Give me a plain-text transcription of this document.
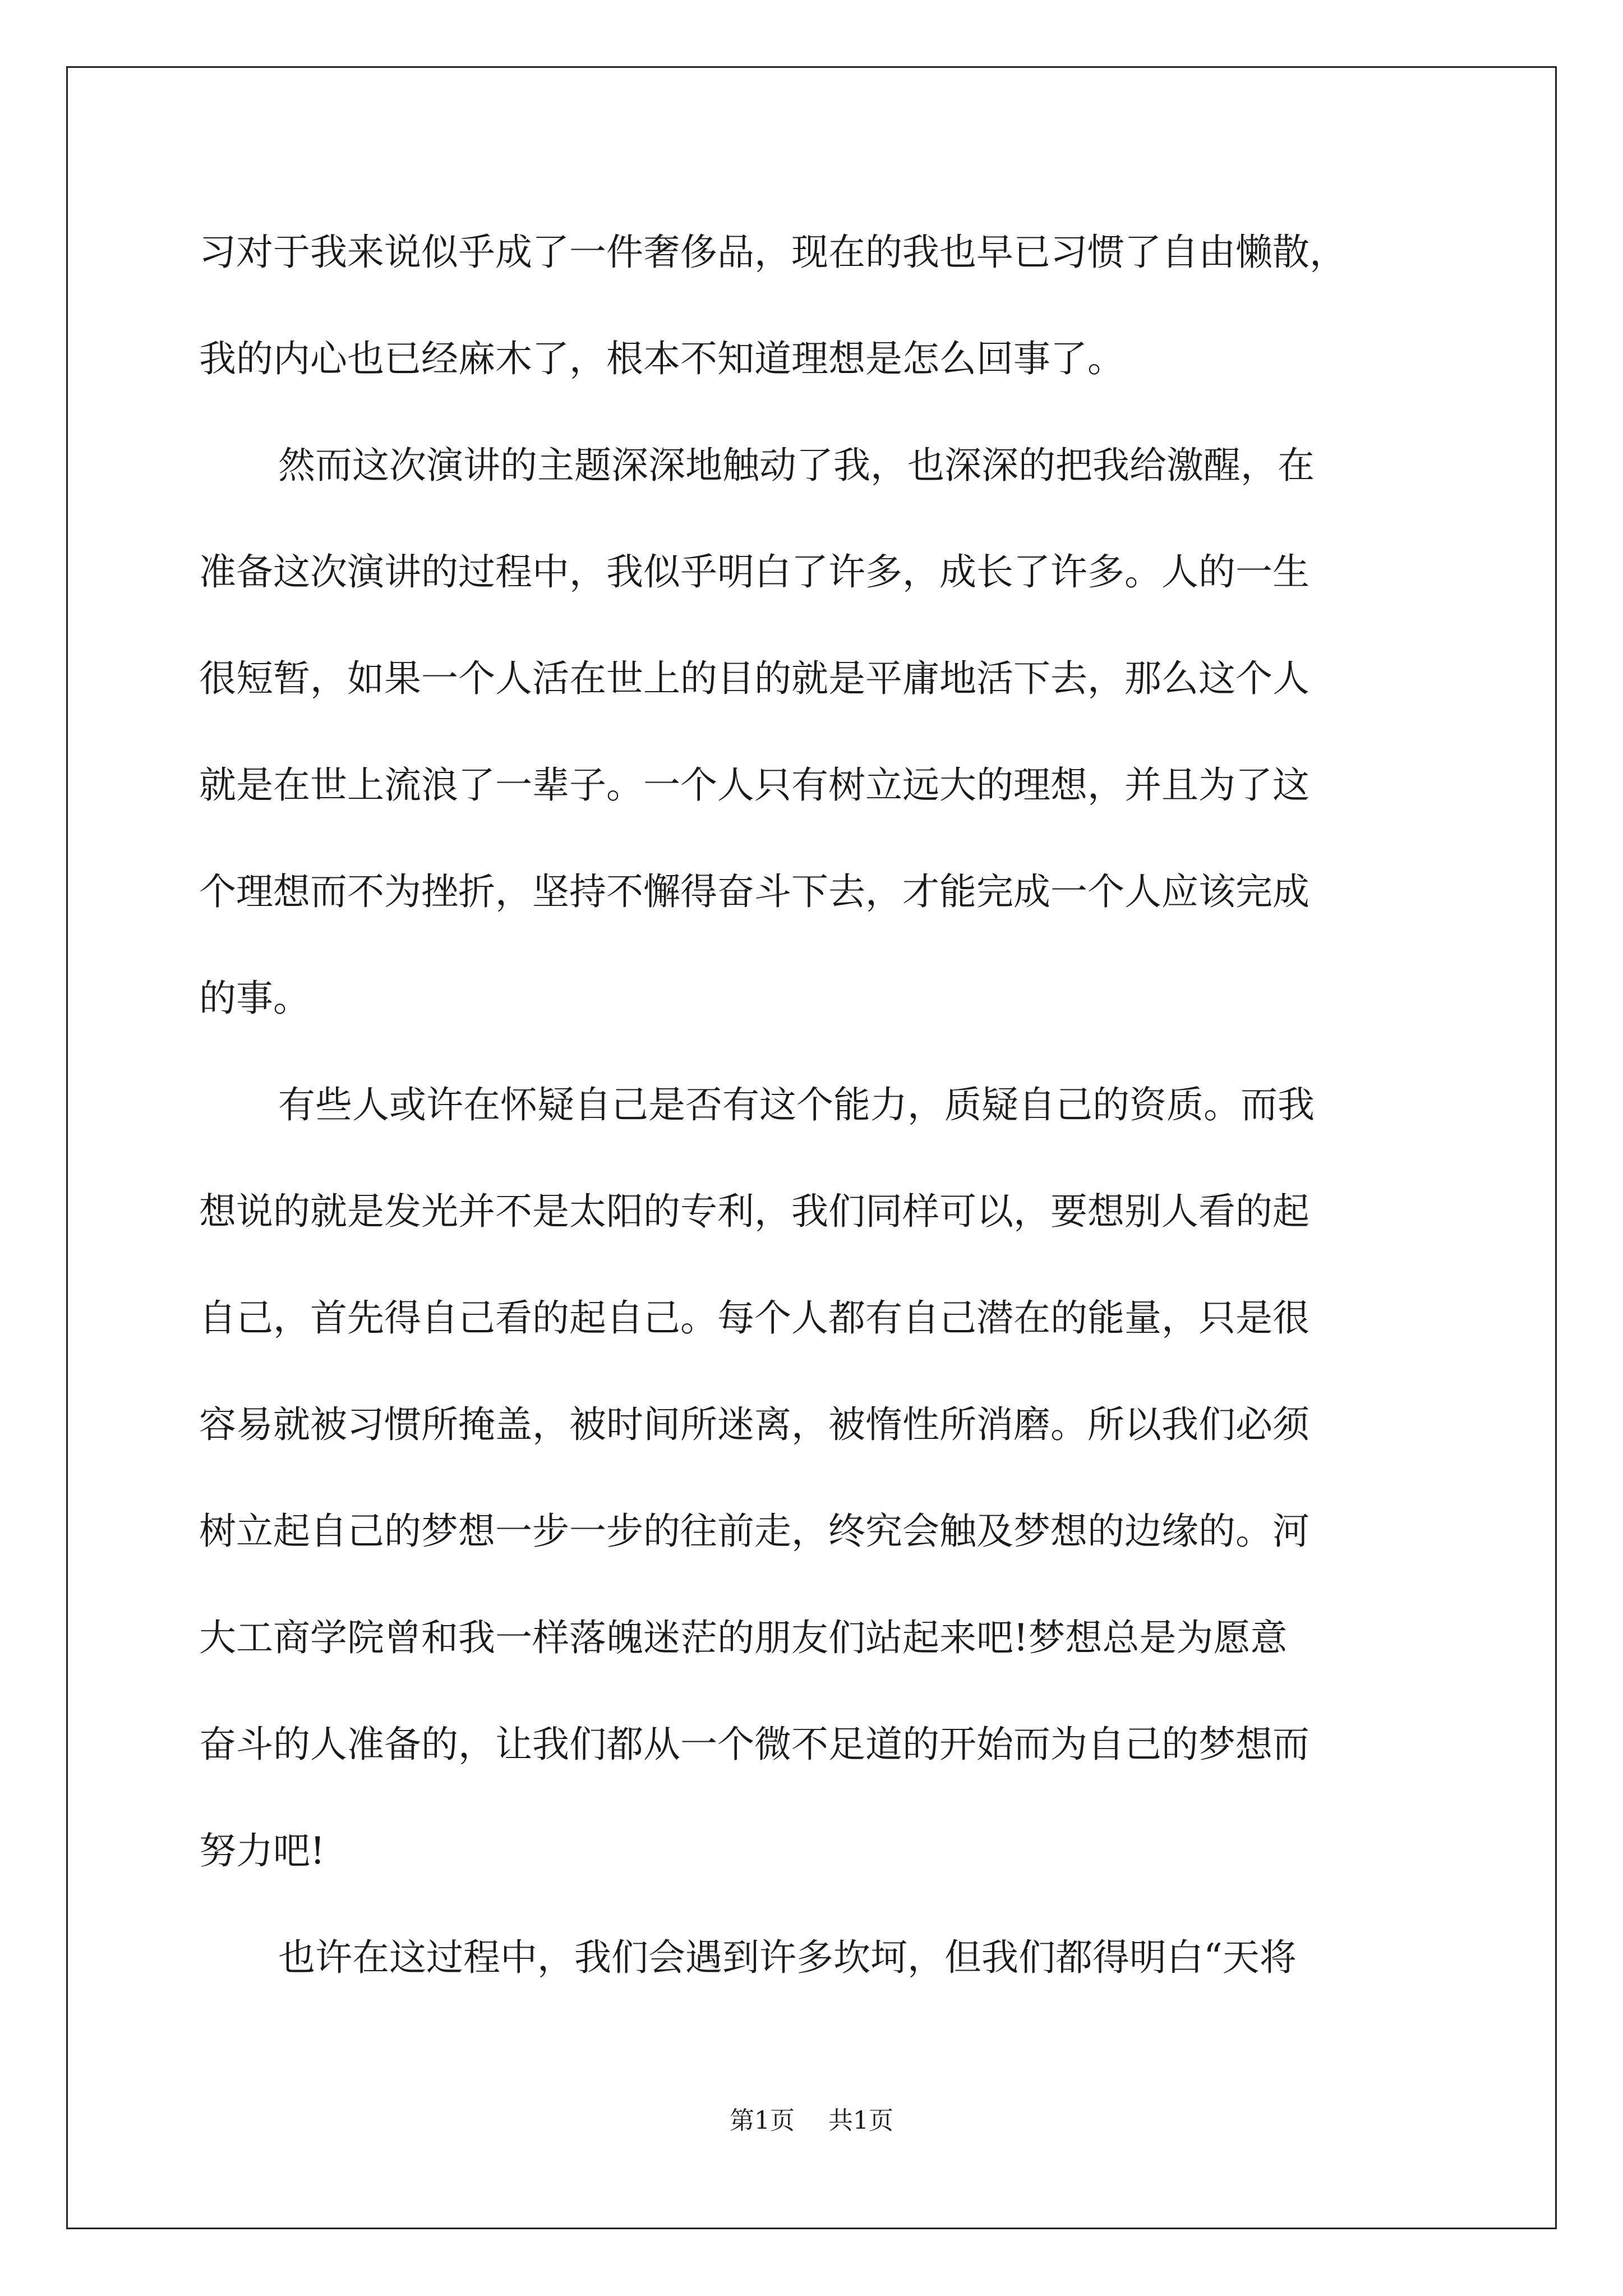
习对于我来说似乎成了一件奢侈品，现在的我也早已习惯了自由懒散，
我的内心也已经麻木了，根本不知道理想是怎么回事了。
然而这次演讲的主题深深地触动了我，也深深的把我给激醒，在
准备这次演讲的过程中，我似乎明白了许多，成长了许多。人的一生
很短暂，如果一个人活在世上的目的就是平庸地活下去，那么这个人
就是在世上流浪了一辈子。一个人只有树立远大的理想，并且为了这
个理想而不为挫折，坚持不懈得奋斗下去，才能完成一个人应该完成
的事。
有些人或许在怀疑自己是否有这个能力，质疑自己的资质。而我
想说的就是发光并不是太阳的专利，我们同样可以，要想别人看的起
自己，首先得自己看的起自己。每个人都有自己潜在的能量，只是很
容易就被习惯所掩盖，被时间所迷离，被惰性所消磨。所以我们必须
树立起自己的梦想一步一步的往前走，终究会触及梦想的边缘的。河
大工商学院曾和我一样落魄迷茫的朋友们站起来吧!梦想总是为愿意
奋斗的人准备的，让我们都从一个微不足道的开始而为自己的梦想而
努力吧!
也许在这过程中，我们会遇到许多坎坷，但我们都得明白“天将
第1页 共1页
